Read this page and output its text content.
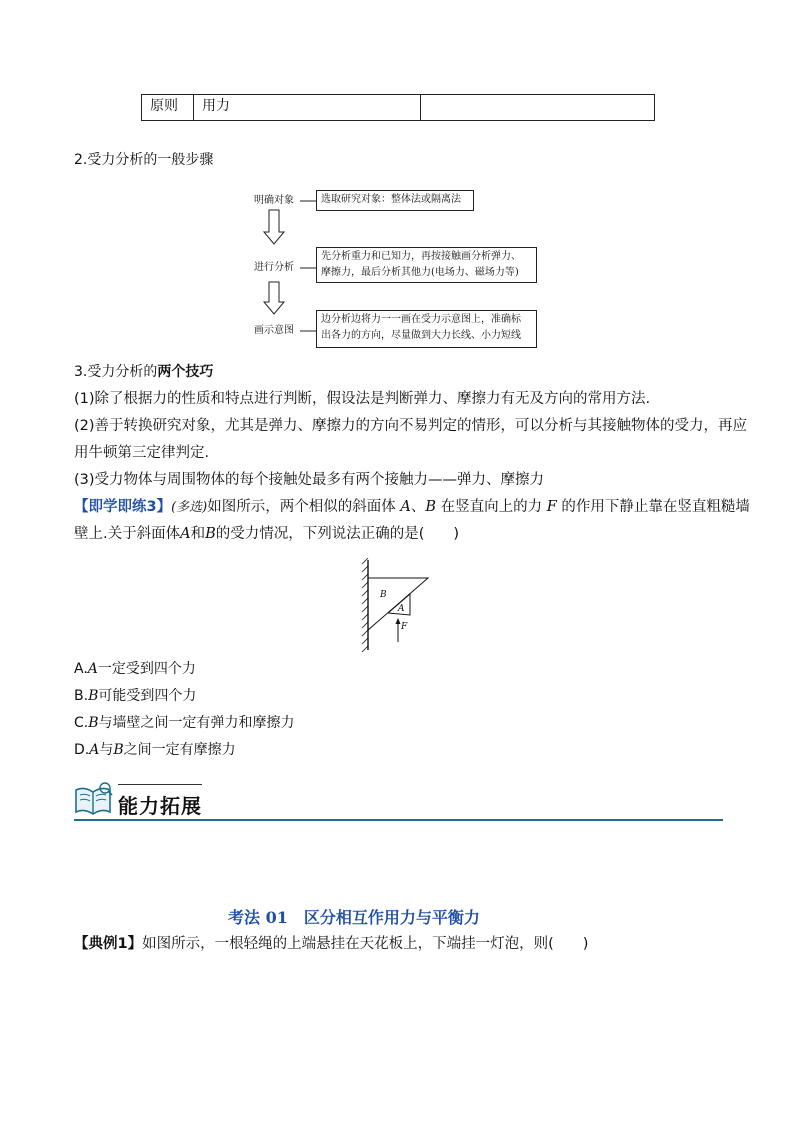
原则	用力
2.受力分析的一般步骤
明确对象	选取研究对象：整体法或隔离法
进行分析
先分析重力和已知力，再按接触画分析弹力、
摩擦力，最后分析其他力(电场力、磁场力等)
画示意图
边分析边将力一一画在受力示意图上，准确标
出各力的方向，尽量做到大力长线、小力短线
3.受力分析的两个技巧
(1)除了根据力的性质和特点进行判断，假设法是判断弹力、摩擦力有无及方向的常用方法.
(2)善于转换研究对象，尤其是弹力、摩擦力的方向不易判定的情形，可以分析与其接触物体的受力，再应
用牛顿第三定律判定.
(3)受力物体与周围物体的每个接触处最多有两个接触力——弹力、摩擦力
【即学即练3】(多选)如图所示，两个相似的斜面体 A、B 在竖直向上的力 F 的作用下静止靠在竖直粗糙墙
壁上.关于斜面体A和B的受力情况，下列说法正确的是(　　)
B
A
F
A.A一定受到四个力
B.B可能受到四个力
C.B与墙壁之间一定有弹力和摩擦力
D.A与B之间一定有摩擦力
能力拓展
考法 01　区分相互作用力与平衡力
【典例1】如图所示，一根轻绳的上端悬挂在天花板上，下端挂一灯泡，则(　　)
